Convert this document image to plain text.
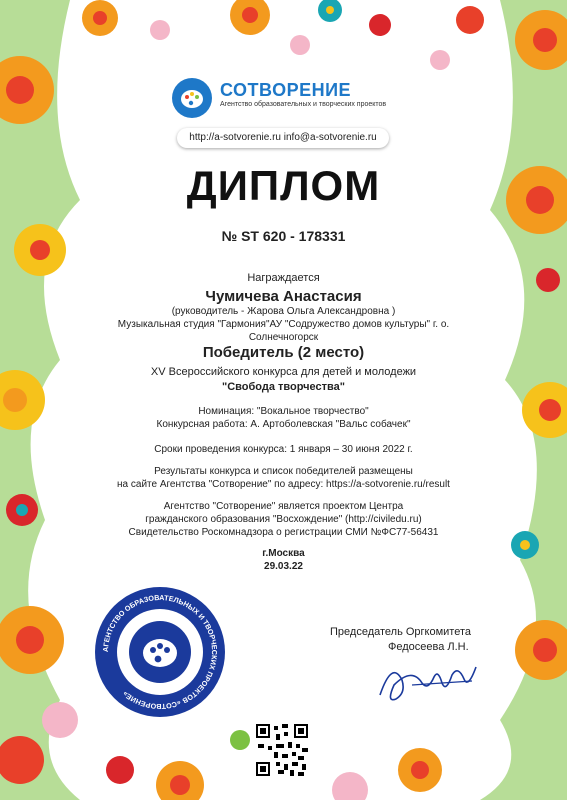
СОТВОРЕНИЕ
Агентство образовательных и творческих проектов
http://a-sotvorenie.ru info@a-sotvorenie.ru
ДИПЛОМ
№ ST 620 - 178331
Награждается
Чумичева Анастасия
(руководитель - Жарова Ольга Александровна )
Музыкальная студия "Гармония"АУ "Содружество домов культуры" г. о.
Солнечногорск
Победитель (2 место)
XV Всероссийского конкурса для детей и молодежи
"Свобода творчества"
Номинация: "Вокальное творчество"
Конкурсная работа: А. Артоболевская "Вальс собачек"
Сроки проведения конкурса: 1 января – 30 июня 2022 г.
Результаты конкурса и список победителей размещены
на сайте Агентства "Сотворение" по адресу: https://a-sotvorenie.ru/result
Агентство "Сотворение" является проектом Центра
гражданского образования "Восхождение" (http://civiledu.ru)
Свидетельство Роскомнадзора о регистрации СМИ №ФС77-56431
г.Москва
29.03.22
АГЕНТСТВО ОБРАЗОВАТЕЛЬНЫХ И ТВОРЧЕСКИХ ПРОЕКТОВ «СОТВОРЕНИЕ»
Председатель Оргкомитета
Федосеева Л.Н.
